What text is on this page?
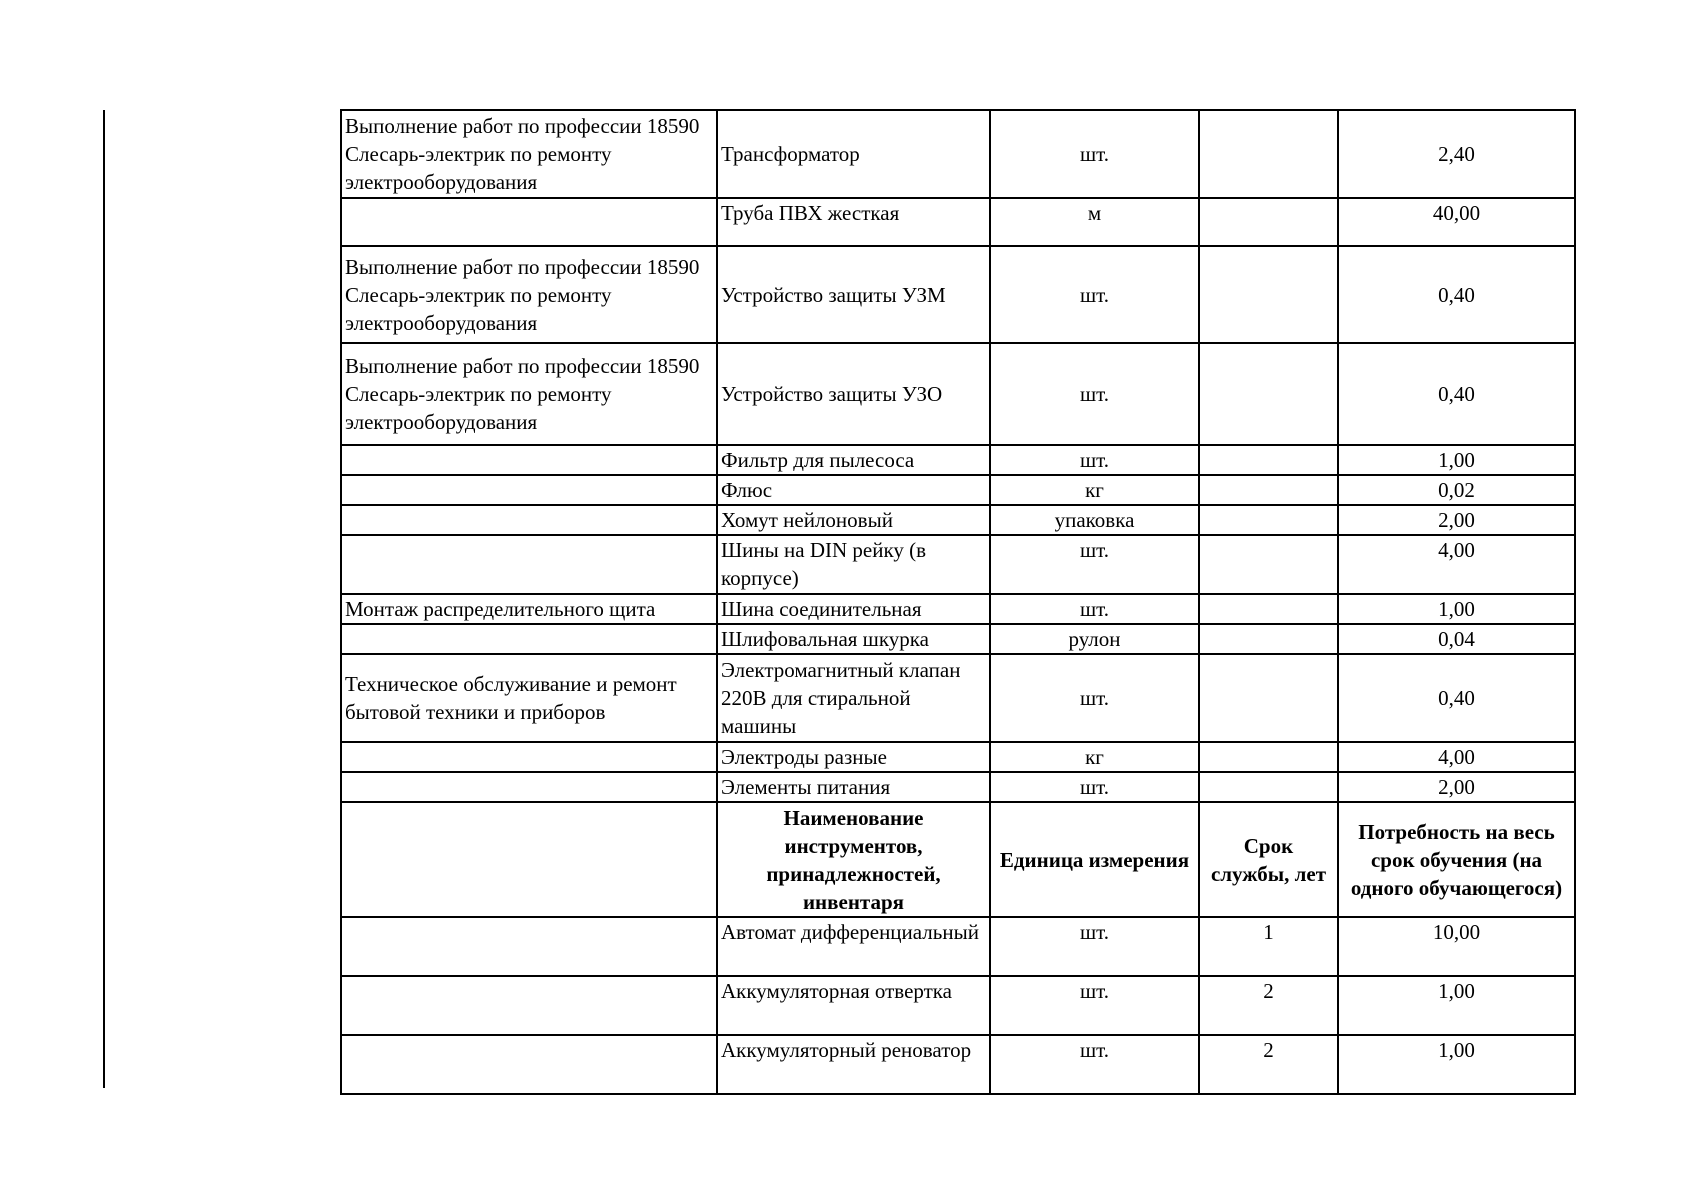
Выполнение работ по профессии 18590 Слесарь-электрик по ремонту электрооборудования	Трансформатор	шт.		2,40
	Труба ПВХ жесткая	м		40,00
Выполнение работ по профессии 18590 Слесарь-электрик по ремонту электрооборудования	Устройство защиты УЗМ	шт.		0,40
Выполнение работ по профессии 18590 Слесарь-электрик по ремонту электрооборудования	Устройство защиты УЗО	шт.		0,40
	Фильтр для пылесоса	шт.		1,00
	Флюс	кг		0,02
	Хомут нейлоновый	упаковка		2,00
	Шины на DIN рейку (в корпусе)	шт.		4,00
Монтаж распределительного щита	Шина соединительная	шт.		1,00
	Шлифовальная шкурка	рулон		0,04
Техническое обслуживание и ремонт бытовой техники и приборов	Электромагнитный клапан 220В для стиральной машины	шт.		0,40
	Электроды разные	кг		4,00
	Элементы питания	шт.		2,00
	Наименование инструментов, принадлежностей, инвентаря	Единица измерения	Срок службы, лет	Потребность на весь срок обучения (на одного обучающегося)
	Автомат дифференциальный	шт.	1	10,00
	Аккумуляторная отвертка	шт.	2	1,00
	Аккумуляторный реноватор	шт.	2	1,00
